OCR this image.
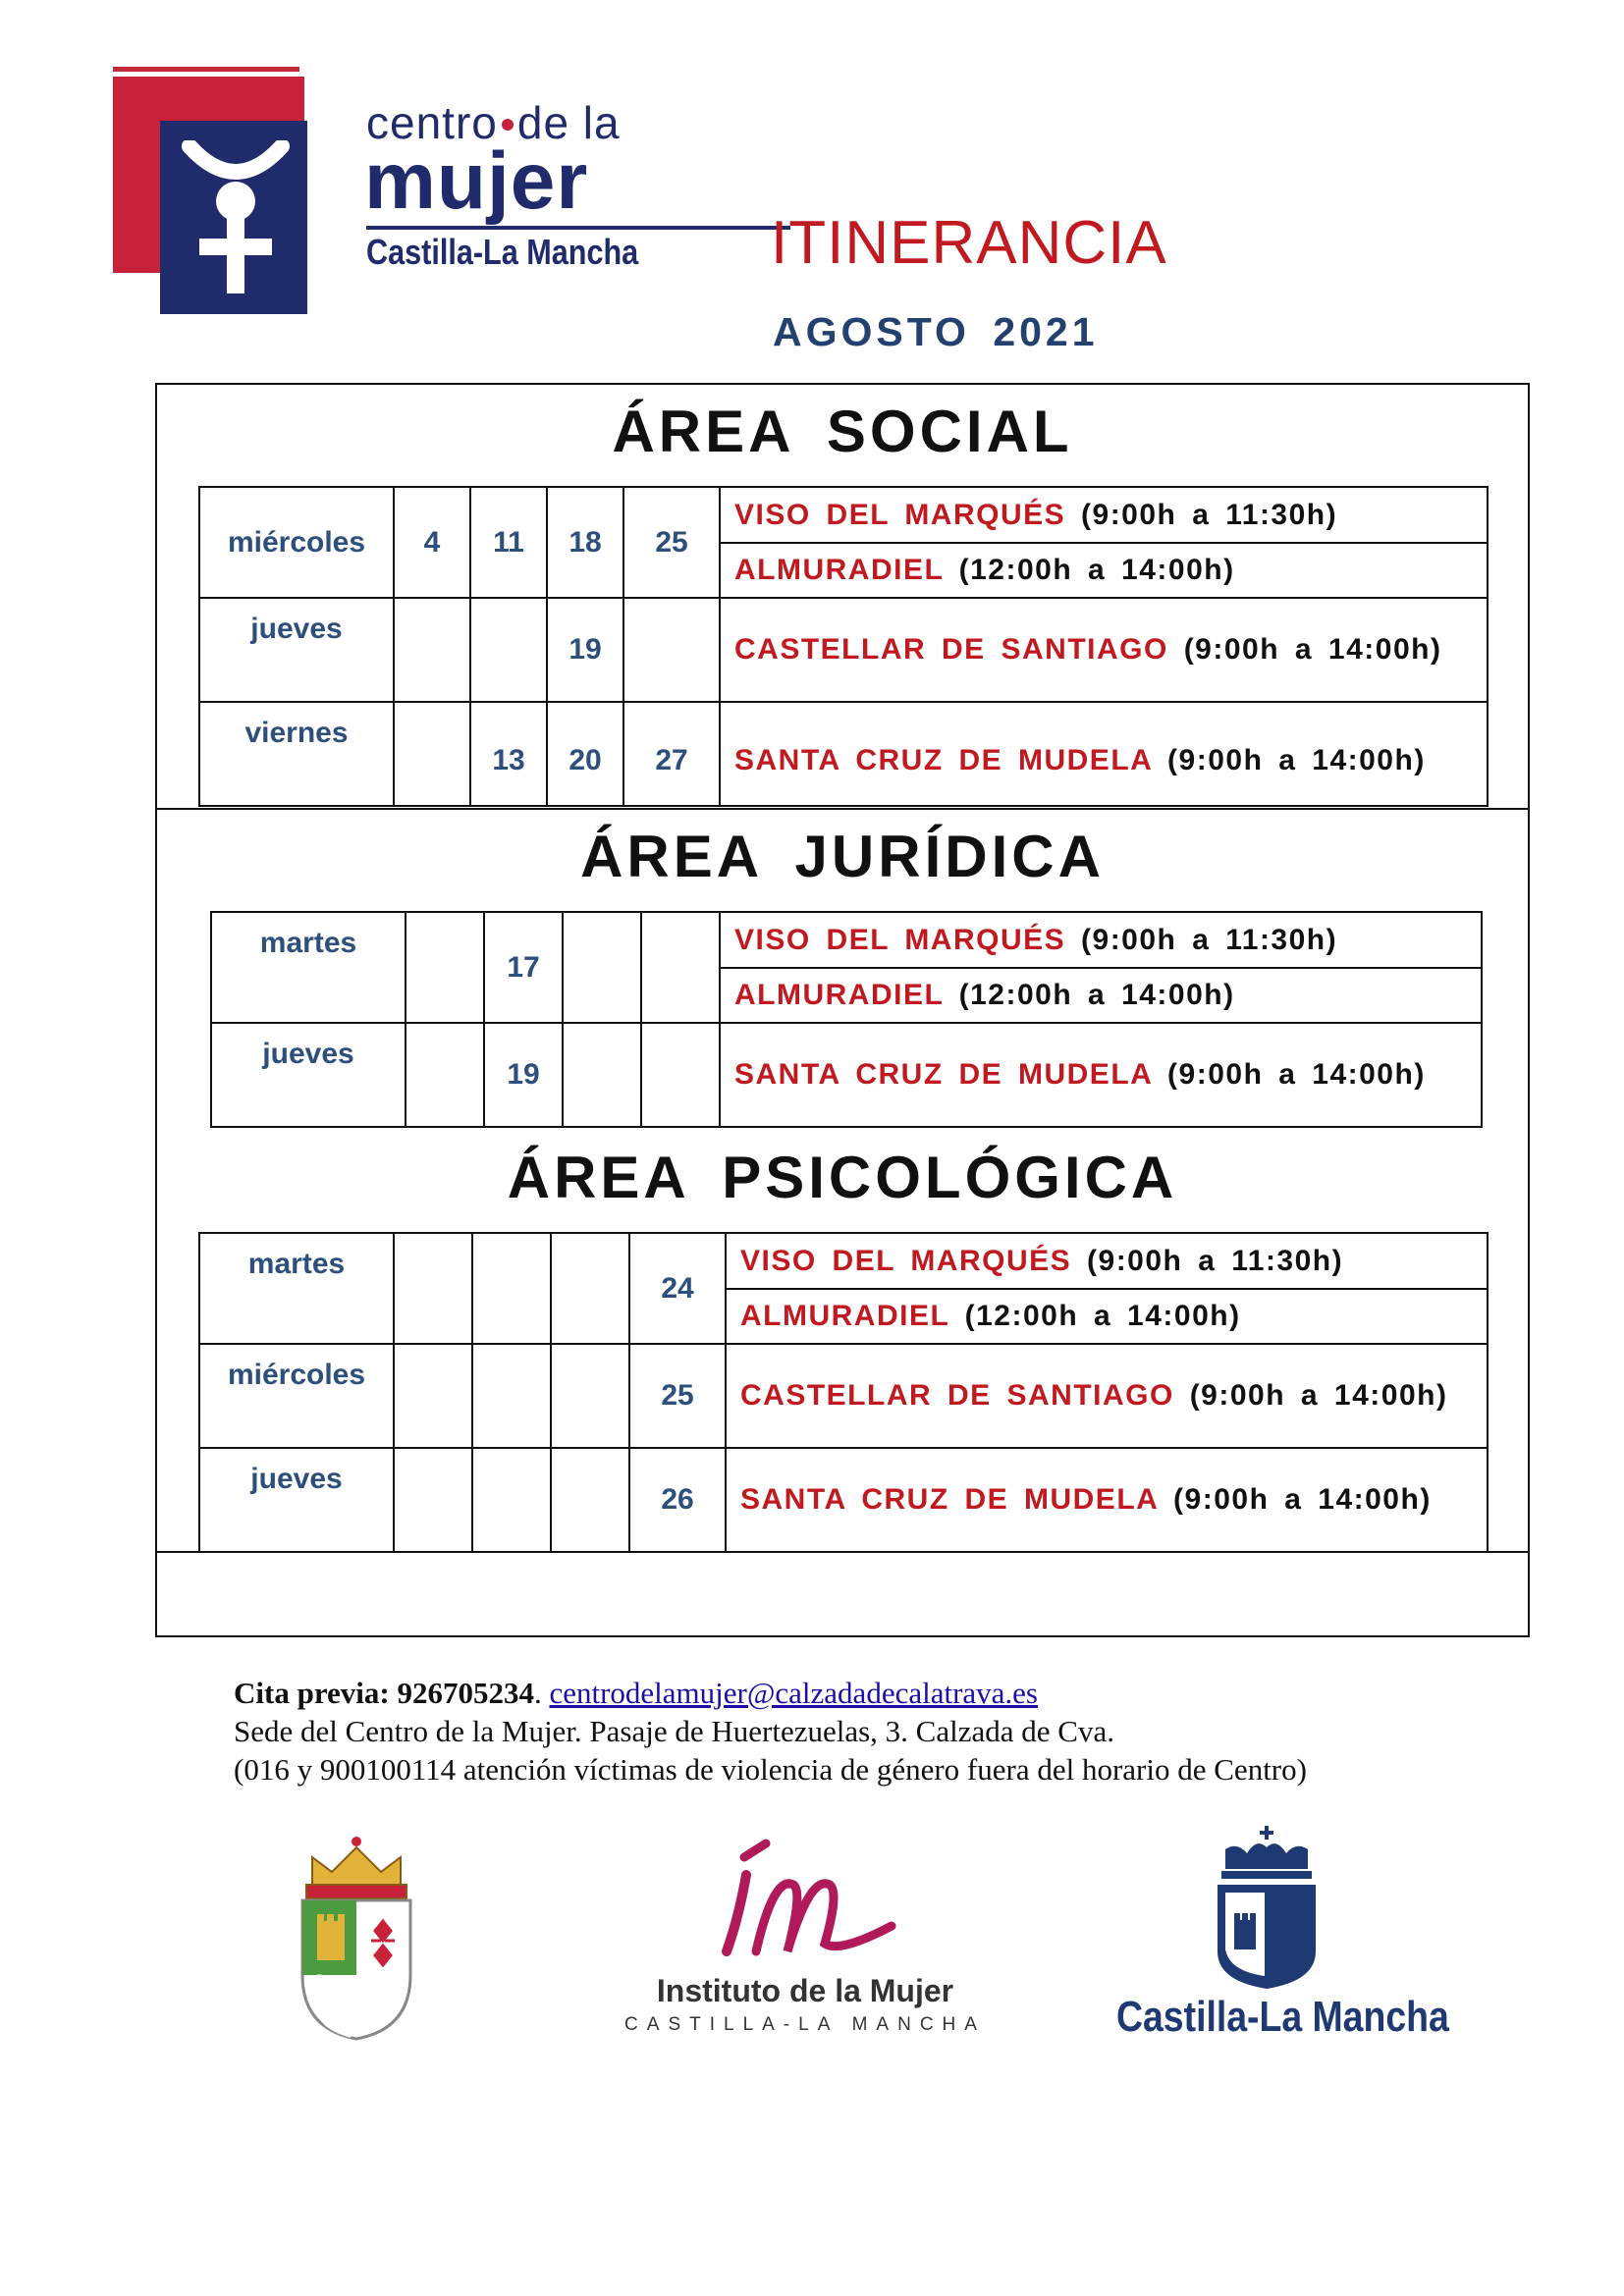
centro de la
mujer
Castilla-La Mancha ITINERANCIA
AGOSTO 2021
ÁREA SOCIAL
miércoles	4	11	18	25	VISO DEL MARQUÉS (9:00h a 11:30h)
					ALMURADIEL (12:00h a 14:00h)
jueves			19		CASTELLAR DE SANTIAGO (9:00h a 14:00h)
viernes		13	20	27	SANTA CRUZ DE MUDELA (9:00h a 14:00h)
ÁREA JURÍDICA
martes		17			VISO DEL MARQUÉS (9:00h a 11:30h)
					ALMURADIEL (12:00h a 14:00h)
jueves		19			SANTA CRUZ DE MUDELA (9:00h a 14:00h)
ÁREA PSICOLÓGICA
martes				24	VISO DEL MARQUÉS (9:00h a 11:30h)
					ALMURADIEL (12:00h a 14:00h)
miércoles				25	CASTELLAR DE SANTIAGO (9:00h a 14:00h)
jueves				26	SANTA CRUZ DE MUDELA (9:00h a 14:00h)
Cita previa: 926705234. centrodelamujer@calzadadecalatrava.es
Sede del Centro de la Mujer. Pasaje de Huertezuelas, 3. Calzada de Cva.
(016 y 900100114 atención víctimas de violencia de género fuera del horario de Centro)
Instituto de la Mujer
CASTILLA-LA MANCHA	Castilla-La Mancha
